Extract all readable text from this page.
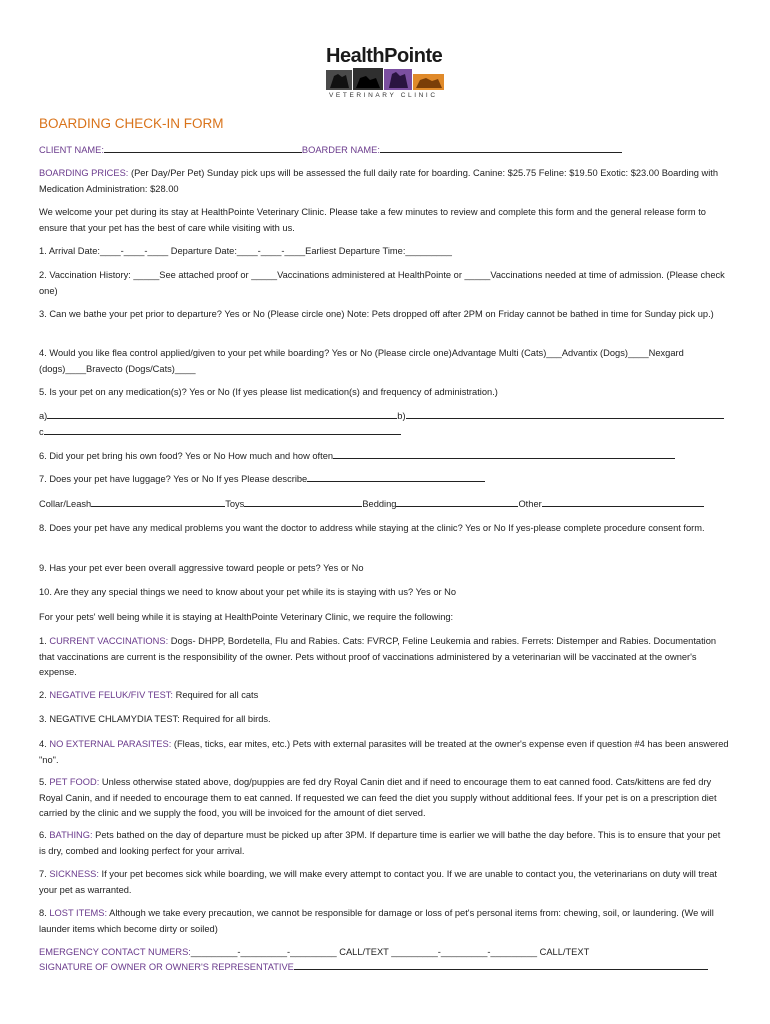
HealthPointe
VETERINARY CLINIC
BOARDING CHECK-IN FORM
CLIENT NAME:	BOARDER NAME:

BOARDING PRICES: (Per Day/Per Pet) Sunday pick ups will be assessed the full daily rate for boarding. Canine: $25.75 Feline: $19.50 Exotic: $23.00 Boarding with Medication Administration: $28.00

We welcome your pet during its stay at HealthPointe Veterinary Clinic. Please take a few minutes to review and complete this form and the general release form to ensure that your pet has the best of care while visiting with us.

1. Arrival Date:____-____-____ Departure Date:____-____-____Earliest Departure Time:_________

2. Vaccination History: _____See attached proof or _____Vaccinations administered at HealthPointe or _____Vaccinations needed at time of admission. (Please check one)

3. Can we bathe your pet prior to departure? Yes or No (Please circle one) Note: Pets dropped off after 2PM on Friday cannot be bathed in time for Sunday pick up.)

4. Would you like flea control applied/given to your pet while boarding? Yes or No (Please circle one)Advantage Multi (Cats)___Advantix (Dogs)____Nexgard (dogs)____Bravecto (Dogs/Cats)____

5. Is your pet on any medication(s)? Yes or No (If yes please list medication(s) and frequency of administration.)

a)	b)
c

6. Did your pet bring his own food? Yes or No How much and how often

7. Does your pet have luggage? Yes or No If yes Please describe

Collar/Leash	Toys	Bedding	Other

8. Does your pet have any medical problems you want the doctor to address while staying at the clinic? Yes or No If yes-please complete procedure consent form.

9. Has your pet ever been overall aggressive toward people or pets? Yes or No

10. Are they any special things we need to know about your pet while its is staying with us? Yes or No

For your pets' well being while it is staying at HealthPointe Veterinary Clinic, we require the following:

1. CURRENT VACCINATIONS: Dogs- DHPP, Bordetella, Flu and Rabies. Cats: FVRCP, Feline Leukemia and rabies. Ferrets: Distemper and Rabies. Documentation that vaccinations are current is the responsibility of the owner. Pets without proof of vaccinations administered by a veterinarian will be vaccinated at the owner's expense.

2. NEGATIVE FELUK/FIV TEST: Required for all cats

3. NEGATIVE CHLAMYDIA TEST: Required for all birds.

4. NO EXTERNAL PARASITES: (Fleas, ticks, ear mites, etc.) Pets with external parasites will be treated at the owner's expense even if question #4 has been answered "no".

5. PET FOOD: Unless otherwise stated above, dog/puppies are fed dry Royal Canin diet and if need to encourage them to eat canned food. Cats/kittens are fed dry Royal Canin, and if needed to encourage them to eat canned. If requested we can feed the diet you supply without additional fees. If your pet is on a prescription diet carried by the clinic and we supply the food, you will be invoiced for the amount of diet served.

6. BATHING: Pets bathed on the day of departure must be picked up after 3PM. If departure time is earlier we will bathe the day before. This is to ensure that your pet is dry, combed and looking perfect for your arrival.

7. SICKNESS: If your pet becomes sick while boarding, we will make every attempt to contact you. If we are unable to contact you, the veterinarians on duty will treat your pet as warranted.

8. LOST ITEMS: Although we take every precaution, we cannot be responsible for damage or loss of pet's personal items from: chewing, soil, or laundering. (We will launder items which become dirty or soiled)

EMERGENCY CONTACT NUMERS:_________-_________-_________ CALL/TEXT _________-_________-_________ CALL/TEXT

SIGNATURE OF OWNER OR OWNER'S REPRESENTATIVE
